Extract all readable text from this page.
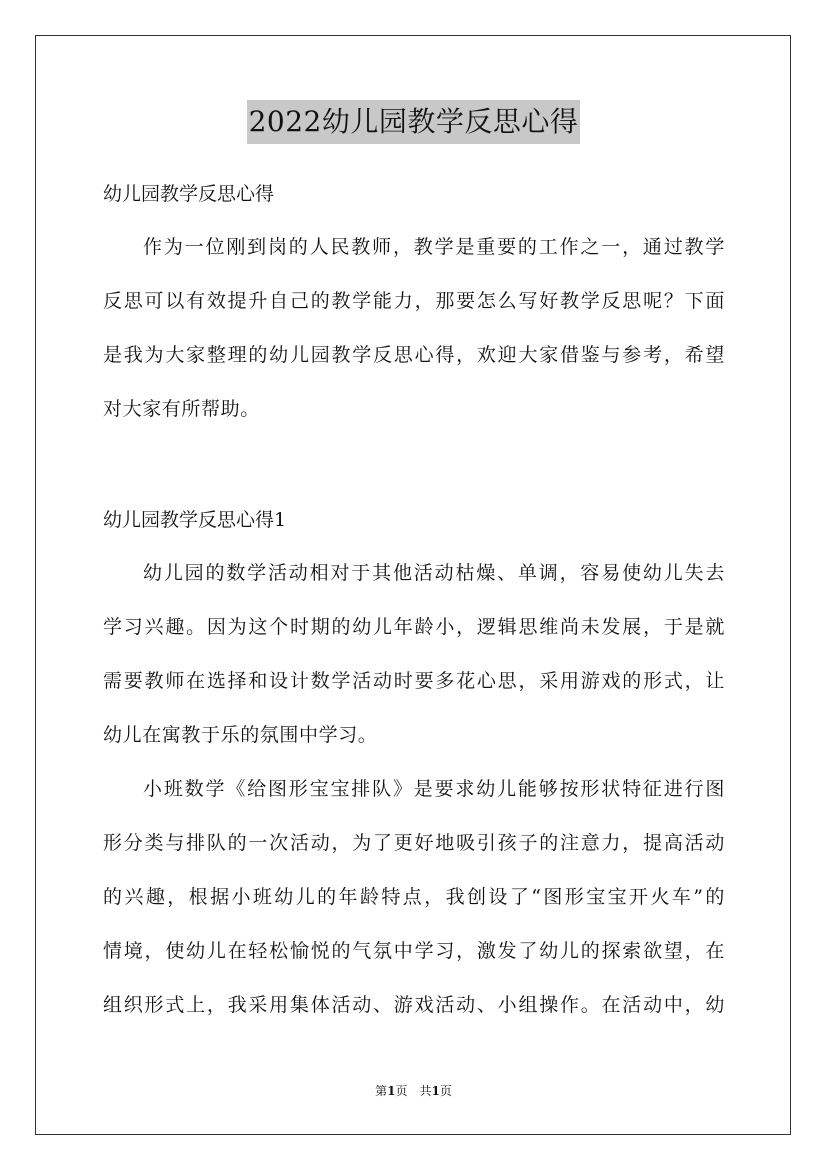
2022幼儿园教学反思心得
幼儿园教学反思心得
作为一位刚到岗的人民教师，教学是重要的工作之一，通过教学
反思可以有效提升自己的教学能力，那要怎么写好教学反思呢？下面
是我为大家整理的幼儿园教学反思心得，欢迎大家借鉴与参考，希望
对大家有所帮助。
幼儿园教学反思心得1
幼儿园的数学活动相对于其他活动枯燥、单调，容易使幼儿失去
学习兴趣。因为这个时期的幼儿年龄小，逻辑思维尚未发展，于是就
需要教师在选择和设计数学活动时要多花心思，采用游戏的形式，让
幼儿在寓教于乐的氛围中学习。
小班数学《给图形宝宝排队》是要求幼儿能够按形状特征进行图
形分类与排队的一次活动，为了更好地吸引孩子的注意力，提高活动
的兴趣，根据小班幼儿的年龄特点，我创设了“图形宝宝开火车”的
情境，使幼儿在轻松愉悦的气氛中学习，激发了幼儿的探索欲望，在
组织形式上，我采用集体活动、游戏活动、小组操作。在活动中，幼
第1页 共1页
